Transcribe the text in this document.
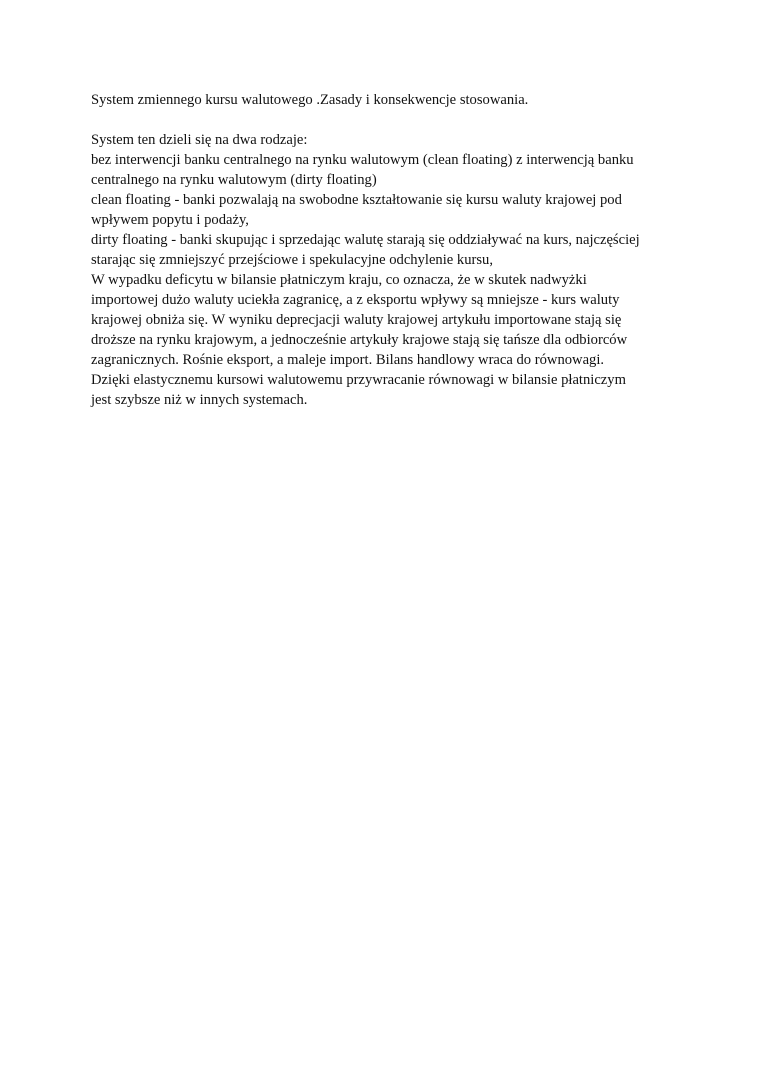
System zmiennego kursu walutowego .Zasady i konsekwencje stosowania.
System ten dzieli się na dwa rodzaje:
bez interwencji banku centralnego na rynku walutowym (clean floating) z interwencją banku
centralnego na rynku walutowym (dirty floating)
clean floating - banki pozwalają na swobodne kształtowanie się kursu waluty krajowej pod
wpływem popytu i podaży,
dirty floating - banki skupując i sprzedając walutę starają się oddziaływać na kurs, najczęściej
starając się zmniejszyć przejściowe i spekulacyjne odchylenie kursu,
W wypadku deficytu w bilansie płatniczym kraju, co oznacza, że w skutek nadwyżki
importowej dużo waluty uciekła zagranicę, a z eksportu wpływy są mniejsze - kurs waluty
krajowej obniża się. W wyniku deprecjacji waluty krajowej artykułu importowane stają się
droższe na rynku krajowym, a jednocześnie artykuły krajowe stają się tańsze dla odbiorców
zagranicznych. Rośnie eksport, a maleje import. Bilans handlowy wraca do równowagi.
Dzięki elastycznemu kursowi walutowemu przywracanie równowagi w bilansie płatniczym
jest szybsze niż w innych systemach.
